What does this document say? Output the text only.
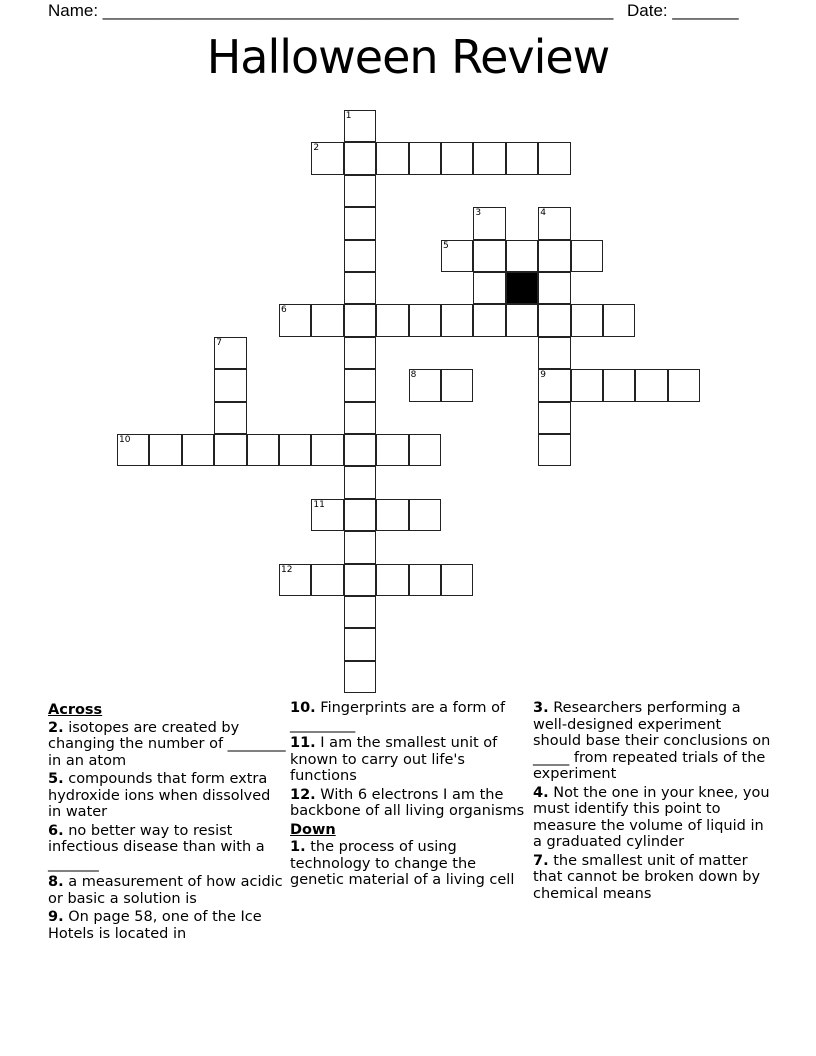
Name: ______________________________________________________ Date: _______
Halloween Review
1
2
3	4
9
5
6
7
8
10
11
12
Across
2. isotopes are created by changing the number of ________ in an atom
5. compounds that form extra hydroxide ions when dissolved in water
6. no better way to resist infectious disease than with a _______
8. a measurement of how acidic or basic a solution is
9. On page 58, one of the Ice Hotels is located in
10. Fingerprints are a form of _________
11. I am the smallest unit of known to carry out life's functions
12. With 6 electrons I am the backbone of all living organisms
Down
1. the process of using technology to change the genetic material of a living cell
3. Researchers performing a well-designed experiment should base their conclusions on _____ from repeated trials of the experiment
4. Not the one in your knee, you must identify this point to measure the volume of liquid in a graduated cylinder
7. the smallest unit of matter that cannot be broken down by chemical means
